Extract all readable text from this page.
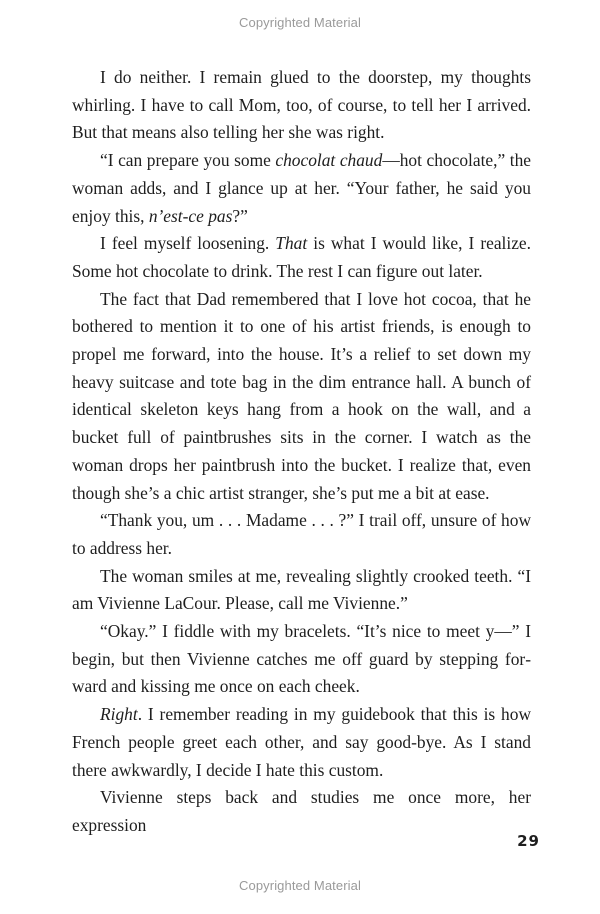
Copyrighted Material

I do neither. I remain glued to the doorstep, my thoughts whirling. I have to call Mom, too, of course, to tell her I arrived. But that means also telling her she was right.

“I can prepare you some chocolat chaud—hot chocolate,” the woman adds, and I glance up at her. “Your father, he said you enjoy this, n’est-ce pas?”

I feel myself loosening. That is what I would like, I realize. Some hot chocolate to drink. The rest I can figure out later.

The fact that Dad remembered that I love hot cocoa, that he bothered to mention it to one of his artist friends, is enough to propel me forward, into the house. It’s a relief to set down my heavy suitcase and tote bag in the dim entrance hall. A bunch of identical skeleton keys hang from a hook on the wall, and a bucket full of paintbrushes sits in the corner. I watch as the woman drops her paintbrush into the bucket. I realize that, even though she’s a chic artist stranger, she’s put me a bit at ease.

“Thank you, um . . . Madame . . . ?” I trail off, unsure of how to address her.

The woman smiles at me, revealing slightly crooked teeth. “I am Vivienne LaCour. Please, call me Vivienne.”

“Okay.” I fiddle with my bracelets. “It’s nice to meet y—” I begin, but then Vivienne catches me off guard by stepping forward and kissing me once on each cheek.

Right. I remember reading in my guidebook that this is how French people greet each other, and say good-bye. As I stand there awkwardly, I decide I hate this custom.

Vivienne steps back and studies me once more, her expression

29
Copyrighted Material
